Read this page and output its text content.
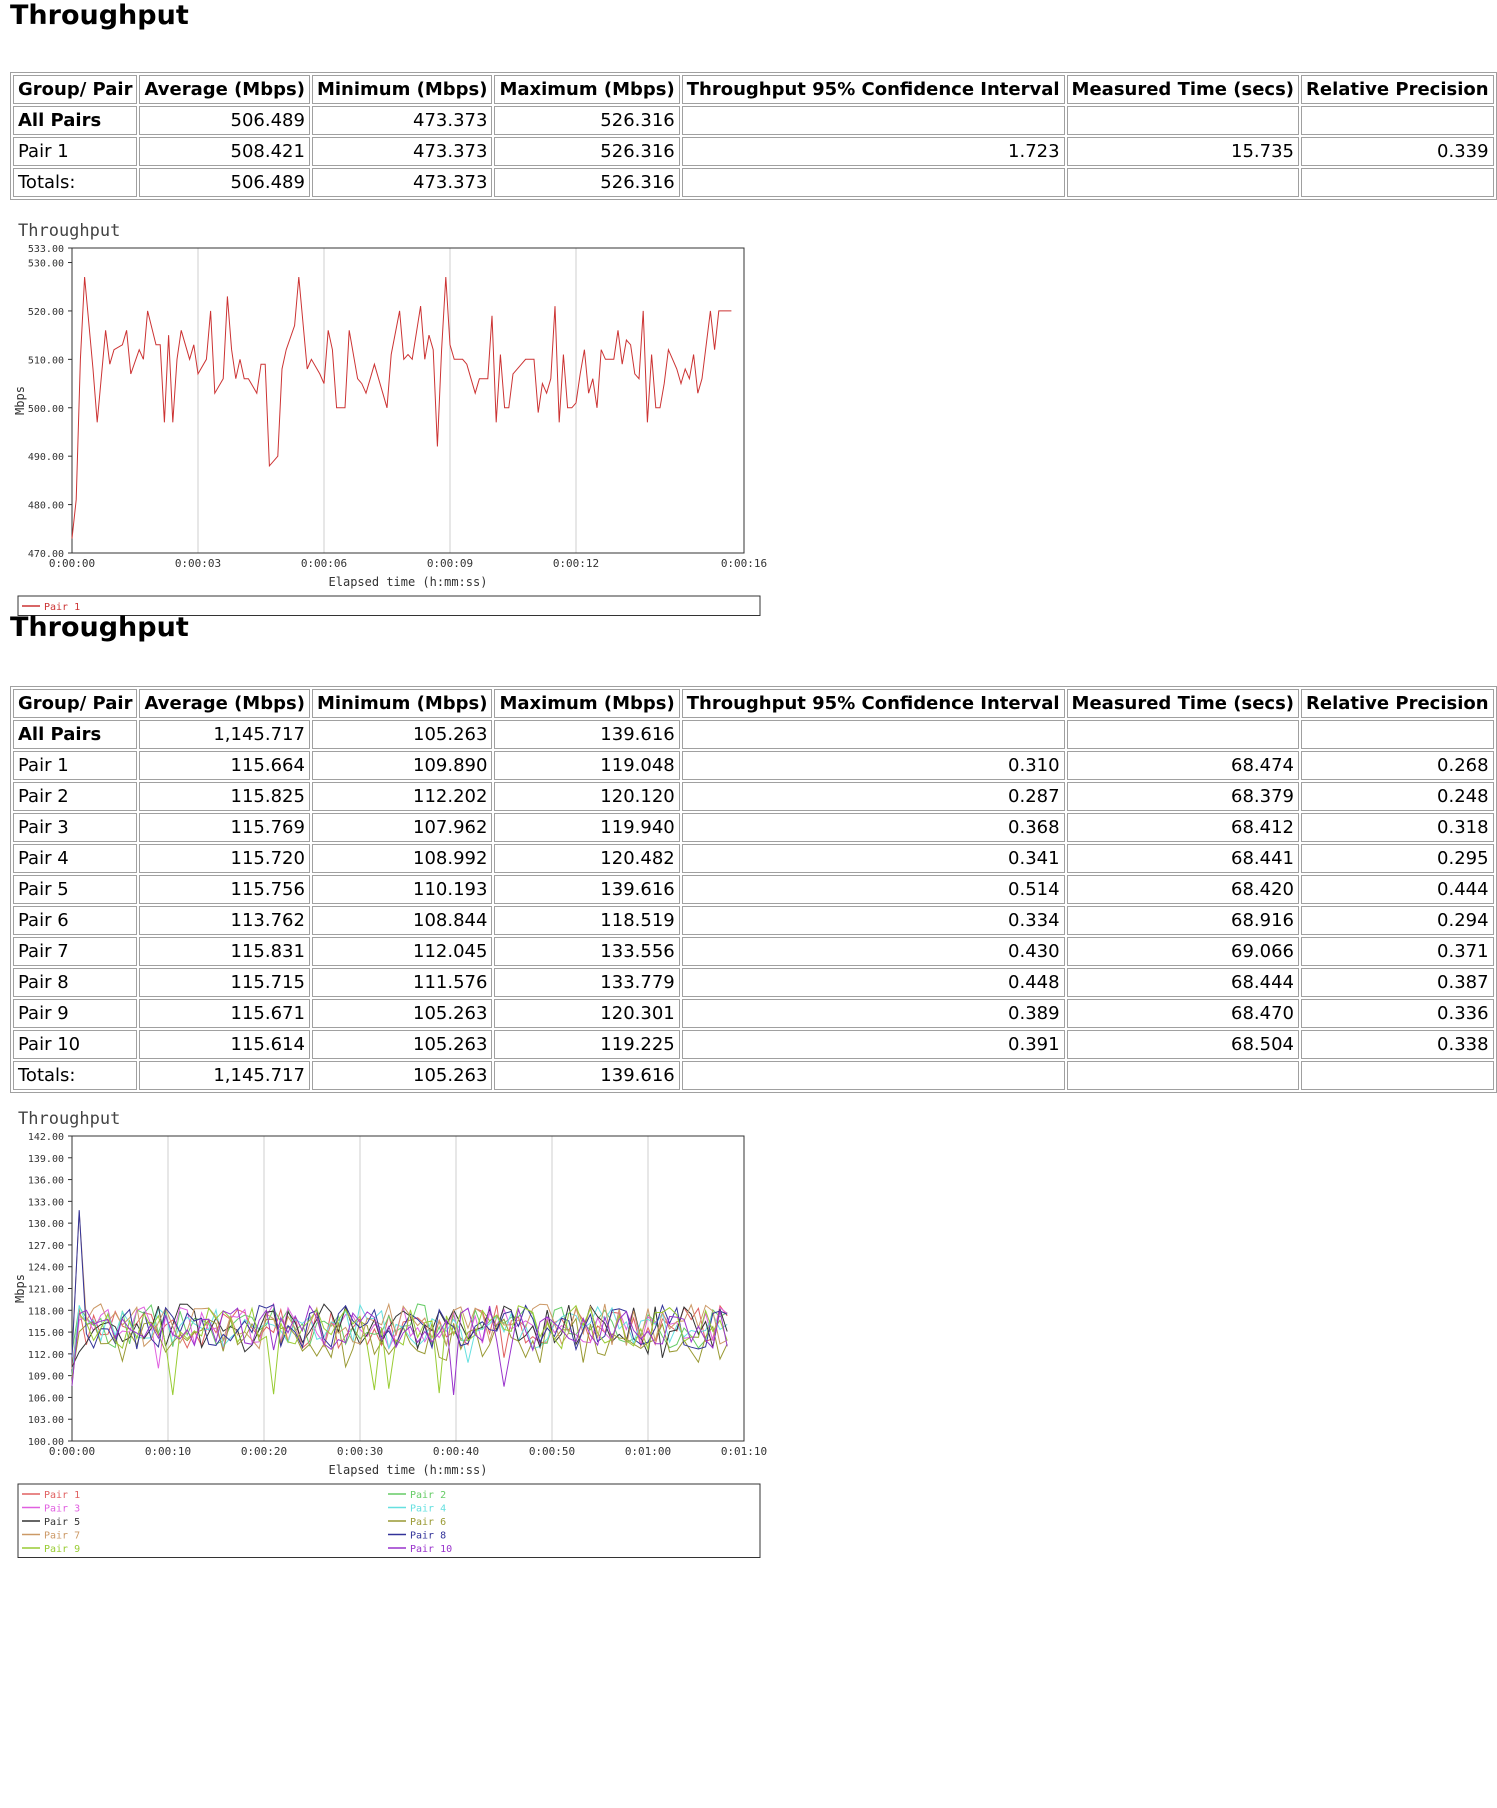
Throughput
Group/ Pair	Average (Mbps)	Minimum (Mbps)	Maximum (Mbps)	Throughput 95% Confidence Interval	Measured Time (secs)	Relative Precision
All Pairs	506.489	473.373	526.316			
Pair 1	508.421	473.373	526.316	1.723	15.735	0.339
Totals:	506.489	473.373	526.316			
Throughput
0:00:00	0:00:03	0:00:06	0:00:09	0:00:12	0:00:16
470.00
480.00
490.00
500.00
510.00
520.00
530.00
533.00
Elapsed time (h:mm:ss)
Mbps
Pair 1
Throughput
Group/ Pair	Average (Mbps)	Minimum (Mbps)	Maximum (Mbps)	Throughput 95% Confidence Interval	Measured Time (secs)	Relative Precision
All Pairs	1,145.717	105.263	139.616			
Pair 1	115.664	109.890	119.048	0.310	68.474	0.268
Pair 2	115.825	112.202	120.120	0.287	68.379	0.248
Pair 3	115.769	107.962	119.940	0.368	68.412	0.318
Pair 4	115.720	108.992	120.482	0.341	68.441	0.295
Pair 5	115.756	110.193	139.616	0.514	68.420	0.444
Pair 6	113.762	108.844	118.519	0.334	68.916	0.294
Pair 7	115.831	112.045	133.556	0.430	69.066	0.371
Pair 8	115.715	111.576	133.779	0.448	68.444	0.387
Pair 9	115.671	105.263	120.301	0.389	68.470	0.336
Pair 10	115.614	105.263	119.225	0.391	68.504	0.338
Totals:	1,145.717	105.263	139.616			
Throughput
0:00:00	0:00:10	0:00:20	0:00:30	0:00:40	0:00:50	0:01:00	0:01:10
100.00
103.00
106.00
109.00
112.00
115.00
118.00
121.00
124.00
127.00
130.00
133.00
136.00
139.00
142.00
Elapsed time (h:mm:ss)
Mbps
Pair 1	Pair 2
Pair 3	Pair 4
Pair 5	Pair 6
Pair 7	Pair 8
Pair 9	Pair 10
